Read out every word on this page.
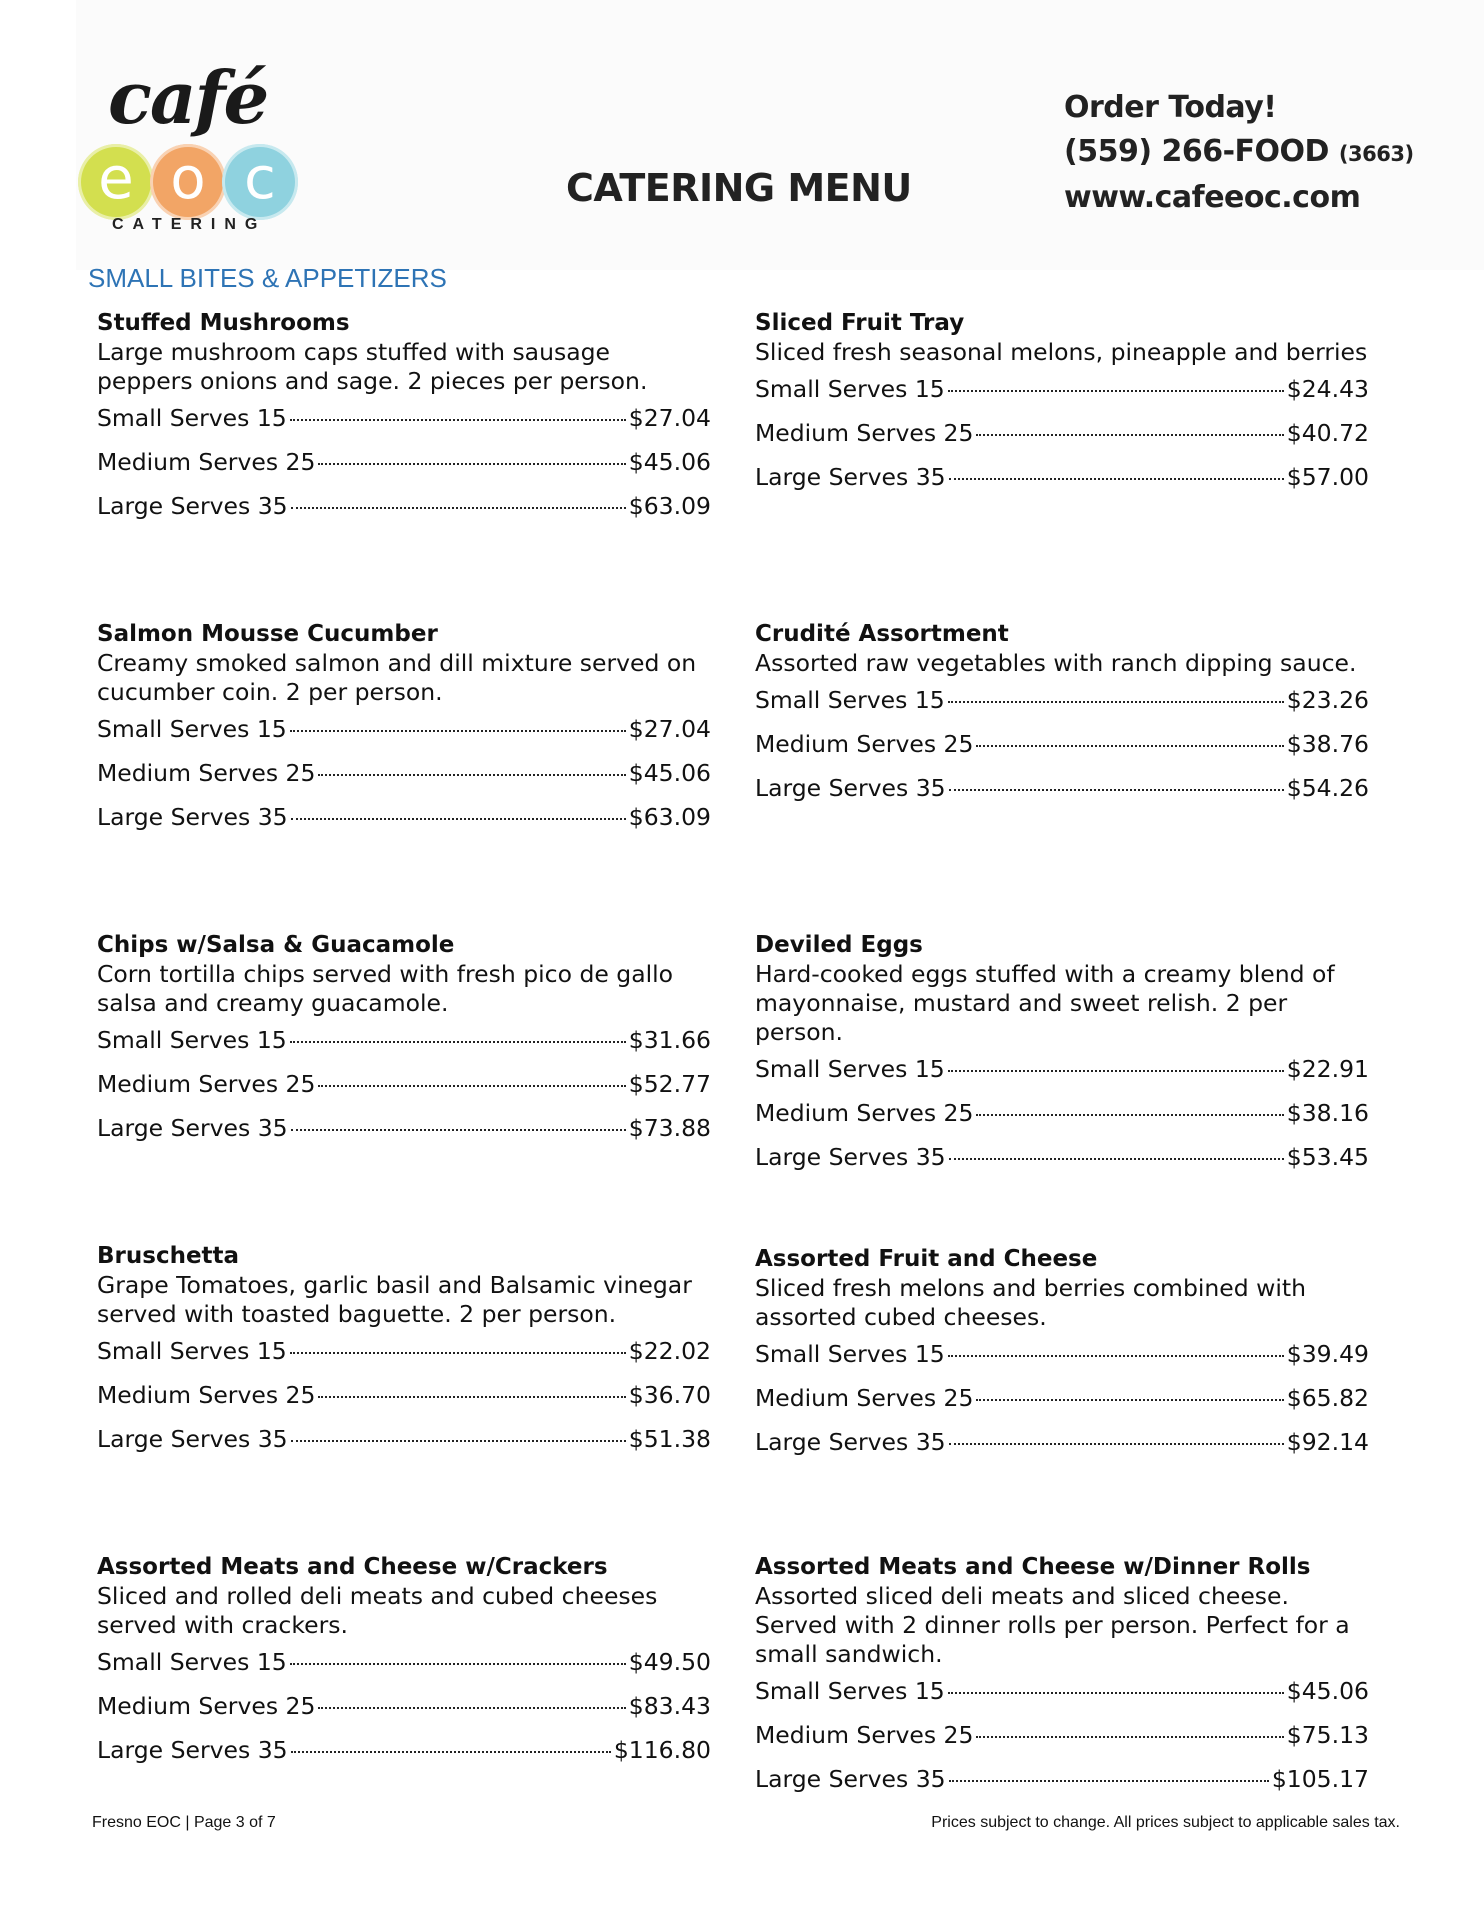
café
e o c
CATERING
CATERING MENU
Order Today!
(559) 266-FOOD (3663)
www.cafeeoc.com
SMALL BITES & APPETIZERS
Stuffed Mushrooms
Large mushroom caps stuffed with sausage peppers onions and sage. 2 pieces per person.
Small Serves 15	$27.04
Medium Serves 25	$45.06
Large Serves 35	$63.09
Sliced Fruit Tray
Sliced fresh seasonal melons, pineapple and berries
Small Serves 15	$24.43
Medium Serves 25	$40.72
Large Serves 35	$57.00
Salmon Mousse Cucumber
Creamy smoked salmon and dill mixture served on cucumber coin. 2 per person.
Small Serves 15	$27.04
Medium Serves 25	$45.06
Large Serves 35	$63.09
Crudité Assortment
Assorted raw vegetables with ranch dipping sauce.
Small Serves 15	$23.26
Medium Serves 25	$38.76
Large Serves 35	$54.26
Chips w/Salsa & Guacamole
Corn tortilla chips served with fresh pico de gallo salsa and creamy guacamole.
Small Serves 15	$31.66
Medium Serves 25	$52.77
Large Serves 35	$73.88
Deviled Eggs
Hard-cooked eggs stuffed with a creamy blend of mayonnaise, mustard and sweet relish. 2 per person.
Small Serves 15	$22.91
Medium Serves 25	$38.16
Large Serves 35	$53.45
Bruschetta
Grape Tomatoes, garlic basil and Balsamic vinegar served with toasted baguette. 2 per person.
Small Serves 15	$22.02
Medium Serves 25	$36.70
Large Serves 35	$51.38
Assorted Fruit and Cheese
Sliced fresh melons and berries combined with assorted cubed cheeses.
Small Serves 15	$39.49
Medium Serves 25	$65.82
Large Serves 35	$92.14
Assorted Meats and Cheese w/Crackers
Sliced and rolled deli meats and cubed cheeses served with crackers.
Small Serves 15	$49.50
Medium Serves 25	$83.43
Large Serves 35	$116.80
Assorted Meats and Cheese w/Dinner Rolls
Assorted sliced deli meats and sliced cheese. Served with 2 dinner rolls per person. Perfect for a small sandwich.
Small Serves 15	$45.06
Medium Serves 25	$75.13
Large Serves 35	$105.17
Fresno EOC | Page 3 of 7	Prices subject to change. All prices subject to applicable sales tax.
